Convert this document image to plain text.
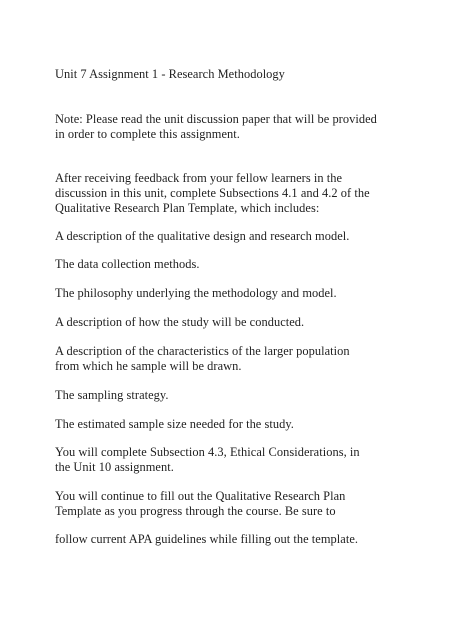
Unit 7 Assignment 1 - Research Methodology

Note: Please read the unit discussion paper that will be provided

in order to complete this assignment.

After receiving feedback from your fellow learners in the

discussion in this unit, complete Subsections 4.1 and 4.2 of the

Qualitative Research Plan Template, which includes:

A description of the qualitative design and research model.

The data collection methods.

The philosophy underlying the methodology and model.

A description of how the study will be conducted.

A description of the characteristics of the larger population

from which he sample will be drawn.

The sampling strategy.

The estimated sample size needed for the study.

You will complete Subsection 4.3, Ethical Considerations, in

the Unit 10 assignment.

You will continue to fill out the Qualitative Research Plan

Template as you progress through the course. Be sure to

follow current APA guidelines while filling out the template.
